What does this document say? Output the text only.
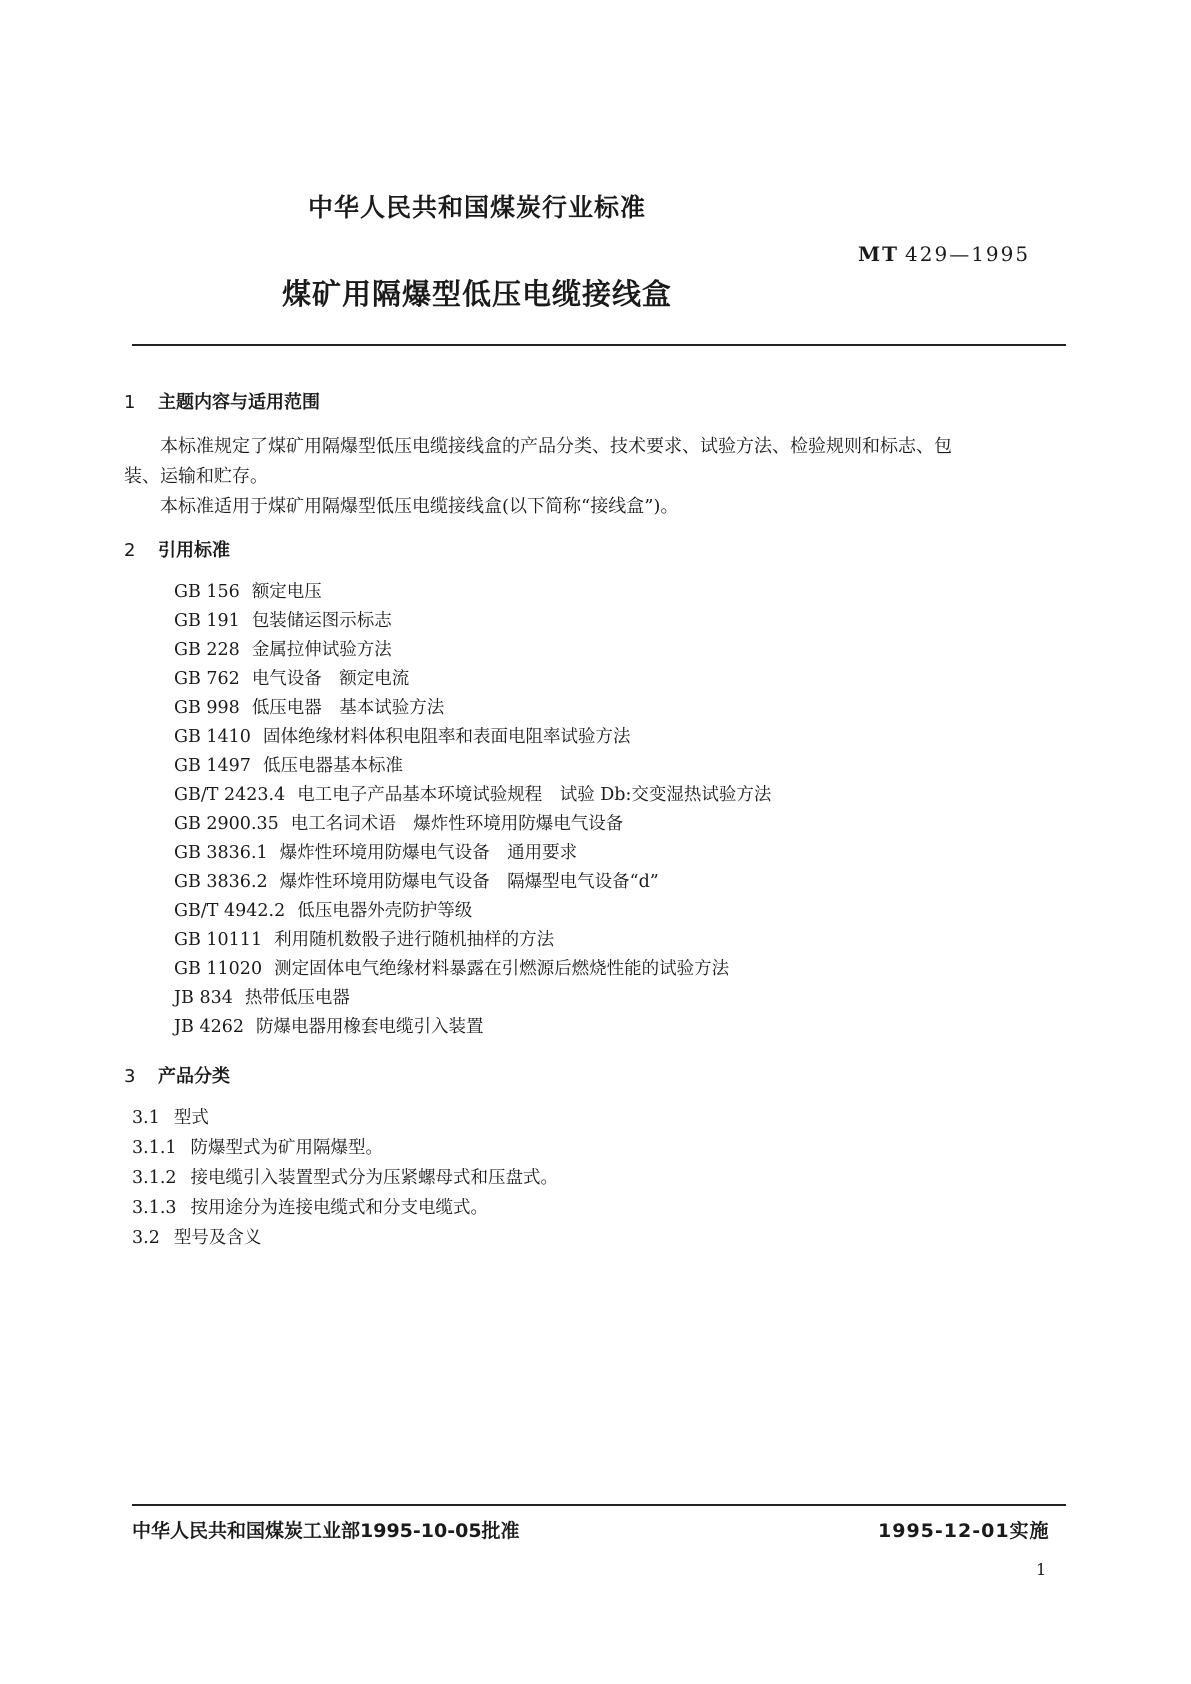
中华人民共和国煤炭行业标准
MT 429—1995
煤矿用隔爆型低压电缆接线盒
1 主题内容与适用范围
本标准规定了煤矿用隔爆型低压电缆接线盒的产品分类、技术要求、试验方法、检验规则和标志、包
装、运输和贮存。
本标准适用于煤矿用隔爆型低压电缆接线盒(以下简称“接线盒”)。
2 引用标准
GB 156 额定电压
GB 191 包装储运图示标志
GB 228 金属拉伸试验方法
GB 762 电气设备　额定电流
GB 998 低压电器　基本试验方法
GB 1410 固体绝缘材料体积电阻率和表面电阻率试验方法
GB 1497 低压电器基本标准
GB/T 2423.4 电工电子产品基本环境试验规程　试验 Db:交变湿热试验方法
GB 2900.35 电工名词术语　爆炸性环境用防爆电气设备
GB 3836.1 爆炸性环境用防爆电气设备　通用要求
GB 3836.2 爆炸性环境用防爆电气设备　隔爆型电气设备“d”
GB/T 4942.2 低压电器外壳防护等级
GB 10111 利用随机数骰子进行随机抽样的方法
GB 11020 测定固体电气绝缘材料暴露在引燃源后燃烧性能的试验方法
JB 834 热带低压电器
JB 4262 防爆电器用橡套电缆引入装置
3 产品分类
3.1 型式
3.1.1 防爆型式为矿用隔爆型。
3.1.2 接电缆引入装置型式分为压紧螺母式和压盘式。
3.1.3 按用途分为连接电缆式和分支电缆式。
3.2 型号及含义
中华人民共和国煤炭工业部1995-10-05批准	1995-12-01实施
1
